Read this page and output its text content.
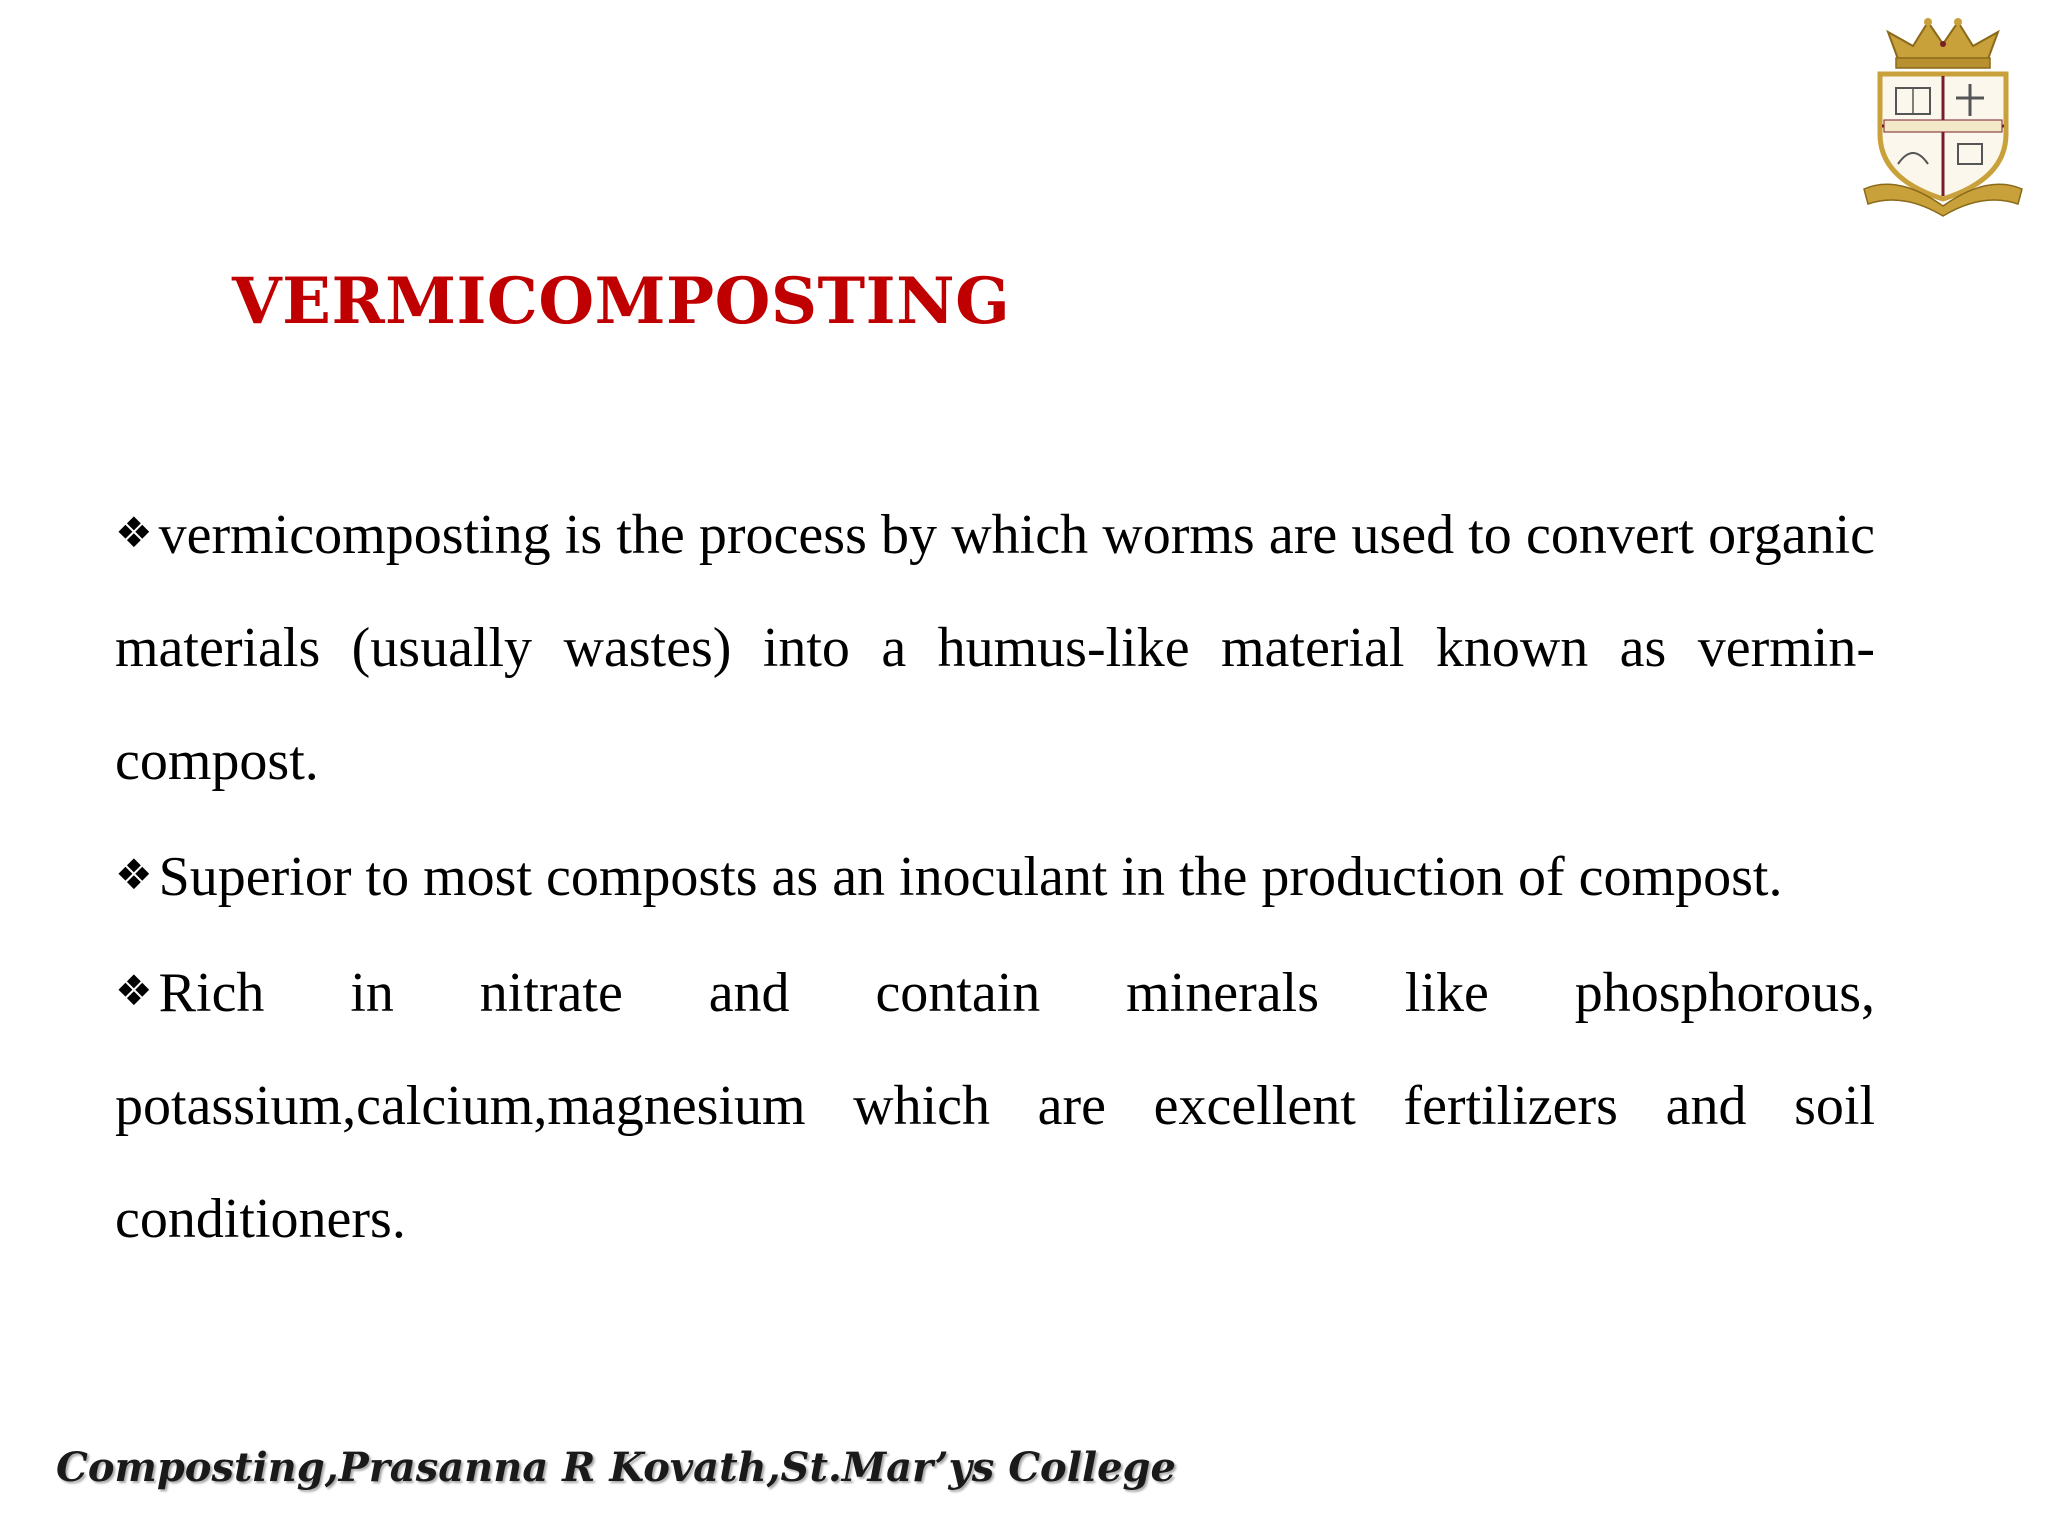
VERMICOMPOSTING
❖ vermicomposting is the process by which worms are used to convert organic materials (usually wastes) into a humus-like material known as vermin-compost.
❖ Superior to most composts as an inoculant in the production of compost.
❖ Rich in nitrate and contain minerals like phosphorous, potassium,calcium,magnesium which are excellent fertilizers and soil conditioners.
Composting,Prasanna R Kovath,St.Mar’ys College
